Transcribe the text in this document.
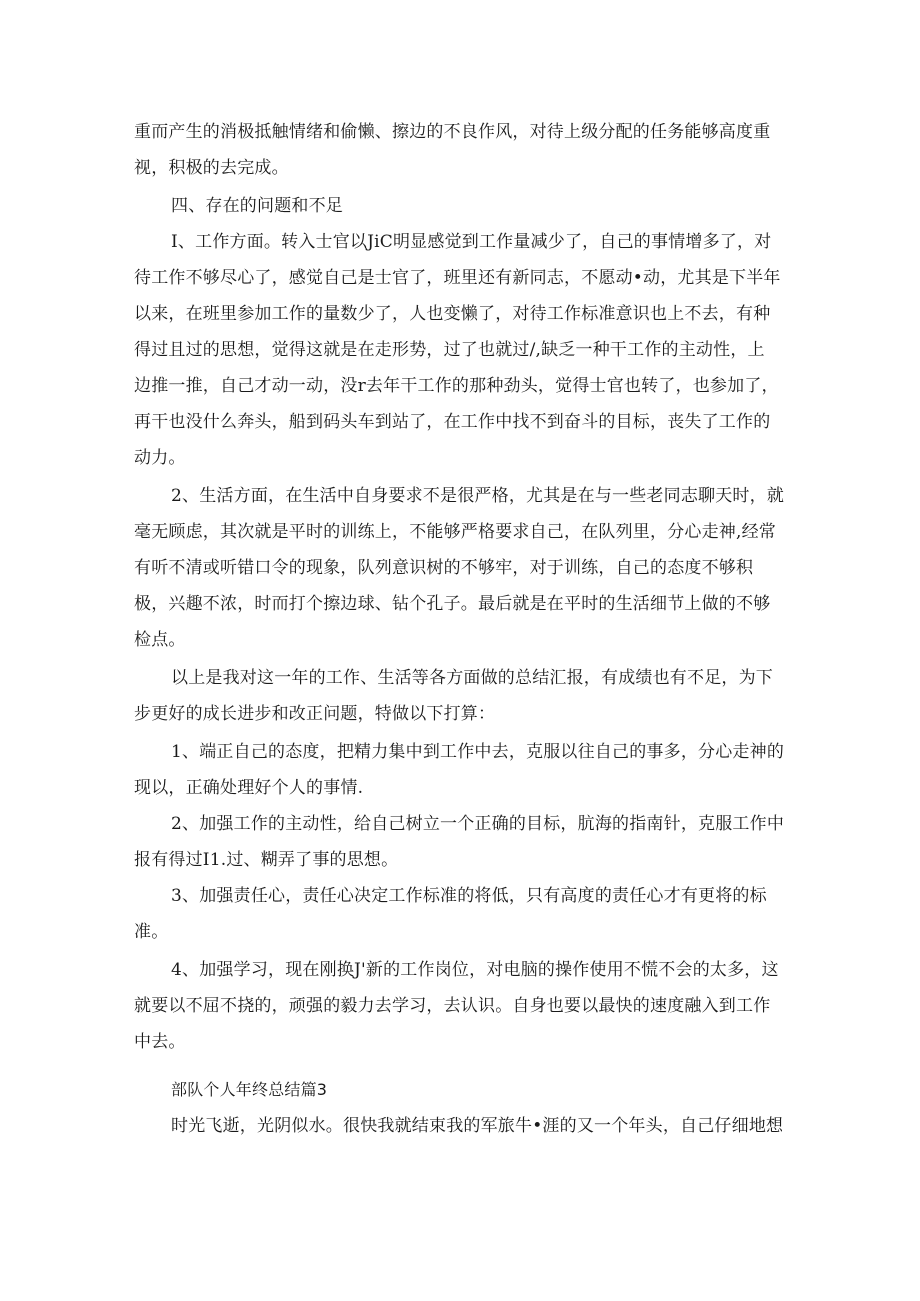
重而产生的消极抵触情绪和偷懒、擦边的不良作风，对待上级分配的任务能够高度重

视，积极的去完成。

四、存在的问题和不足

I、工作方面。转入士官以JiC明显感觉到工作量减少了，自己的事情增多了，对

待工作不够尽心了，感觉自己是士官了，班里还有新同志，不愿动•动，尤其是下半年

以来，在班里参加工作的量数少了，人也变懒了，对待工作标准意识也上不去，有种

得过且过的思想，觉得这就是在走形势，过了也就过/,缺乏一种干工作的主动性，上

边推一推，自己才动一动，没r去年干工作的那种劲头，觉得士官也转了，也参加了，

再干也没什么奔头，船到码头车到站了，在工作中找不到奋斗的目标，丧失了工作的

动力。

2、生活方面，在生活中自身要求不是很严格，尤其是在与一些老同志聊天时，就

毫无顾虑，其次就是平时的训练上，不能够严格要求自己，在队列里，分心走神,经常

有听不清或听错口令的现象，队列意识树的不够牢，对于训练，自己的态度不够积

极，兴趣不浓，时而打个擦边球、钻个孔子。最后就是在平时的生活细节上做的不够

检点。

以上是我对这一年的工作、生活等各方面做的总结汇报，有成绩也有不足，为下

步更好的成长进步和改正问题，特做以下打算：

1、端正自己的态度，把精力集中到工作中去，克服以往自己的事多，分心走神的

现以，正确处理好个人的事情.

2、加强工作的主动性，给自己树立一个正确的目标，肮海的指南针，克服工作中

报有得过I1.过、糊弄了事的思想。

3、加强责任心，责任心决定工作标准的将低，只有高度的责任心才有更将的标

准。

4、加强学习，现在刚换J'新的工作岗位，对电脑的操作使用不慌不会的太多，这

就要以不屈不挠的，顽强的毅力去学习，去认识。自身也要以最快的速度融入到工作

中去。

部队个人年终总结篇3

时光飞逝，光阴似水。很快我就结束我的军旅牛•涯的又一个年头，自己仔细地想
